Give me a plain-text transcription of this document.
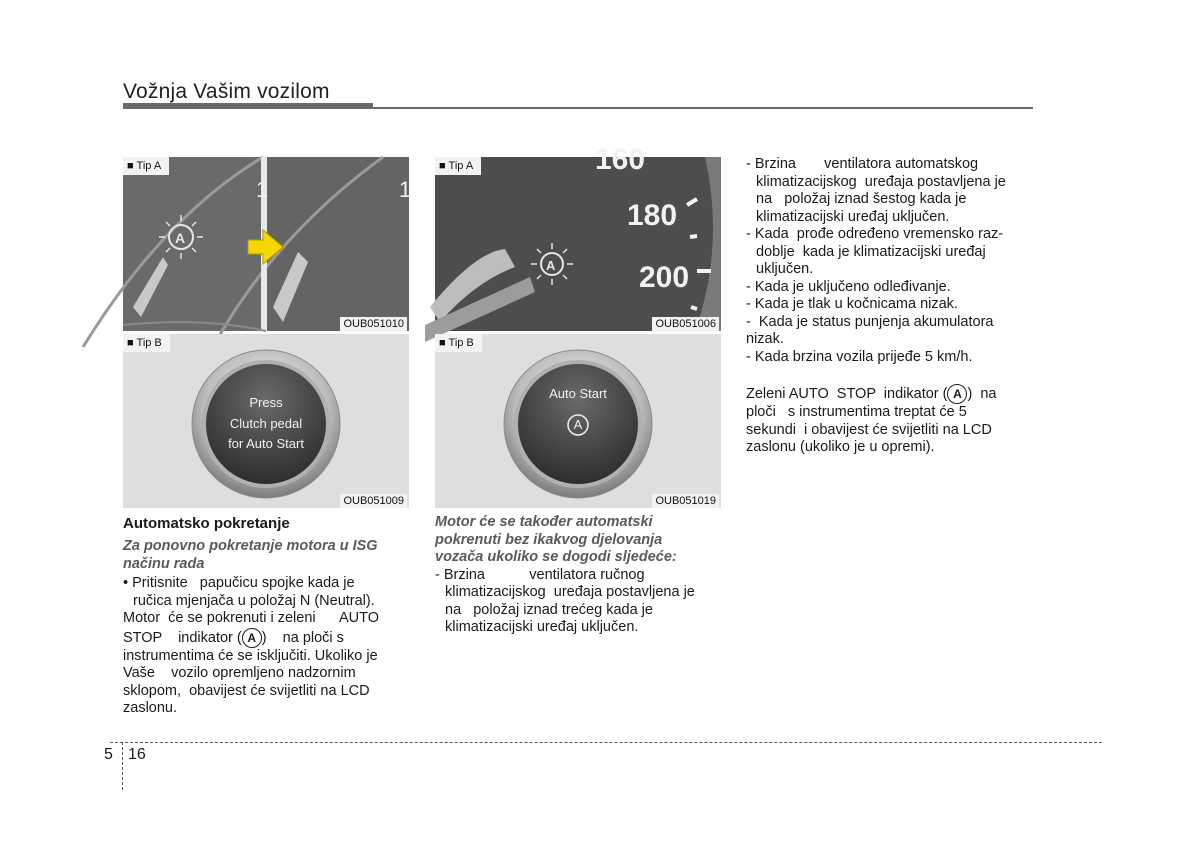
Vožnja Vašim vozilom
■ Tip A
1	1
A
OUB051010
■ Tip A	160
180
200
A
OUB051006
■ Tip B
Press
Clutch pedal
for Auto Start
OUB051009
■ Tip B
Auto Start
A
OUB051019
Automatsko pokretanje
Za ponovno pokretanje motora u ISG načinu rada
• Pritisnite   papučicu spojke kada je
ručica mjenjača u položaj N (Neutral).
Motor  će se pokrenuti i zeleni      AUTO
STOP    indikator ( A )    na ploči s
instrumentima će se isključiti. Ukoliko je
Vaše    vozilo opremljeno nadzornim
sklopom,  obavijest će svijetliti na LCD
zaslonu.
Motor će se također automatski
pokrenuti bez ikakvog djelovanja
vozača ukoliko se dogodi sljedeće:
- Brzina           ventilatora ručnog
klimatizacijskog  uređaja postavljena je
na   položaj iznad trećeg kada je
klimatizacijski uređaj uključen.
- Brzina       ventilatora automatskog
klimatizacijskog  uređaja postavljena je
na   položaj iznad šestog kada je
klimatizacijski uređaj uključen.
- Kada  prođe određeno vremensko raz-
doblje  kada je klimatizacijski uređaj
uključen.
- Kada je uključeno odleđivanje.
- Kada je tlak u kočnicama nizak.
-  Kada je status punjenja akumulatora
nizak.
- Kada brzina vozila prijeđe 5 km/h.
Zeleni AUTO  STOP  indikator ( A )  na
ploči   s instrumentima treptat će 5
sekundi  i obavijest će svijetliti na LCD
zaslonu (ukoliko je u opremi).
5 16
